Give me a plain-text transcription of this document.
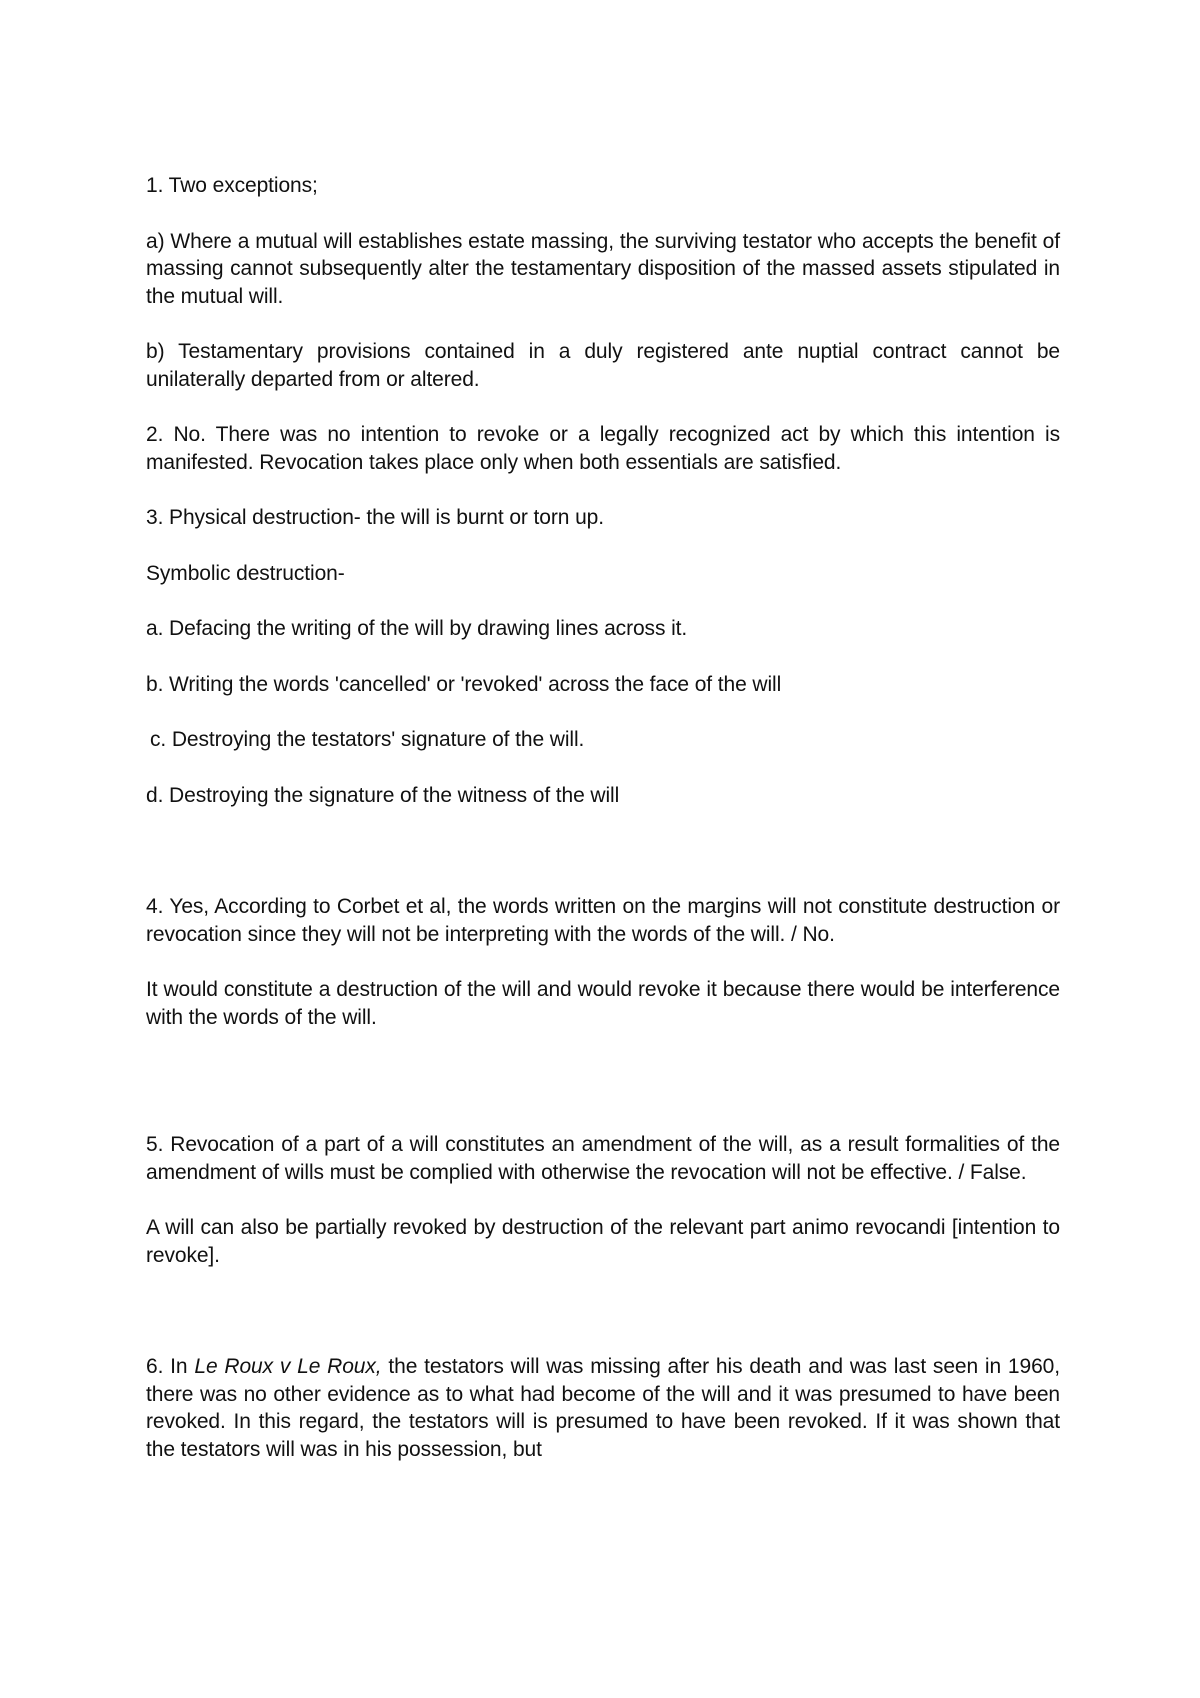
1. Two exceptions;

a) Where a mutual will establishes estate massing, the surviving testator who accepts the benefit of massing cannot subsequently alter the testamentary disposition of the massed assets stipulated in the mutual will.

b) Testamentary provisions contained in a duly registered ante nuptial contract cannot be unilaterally departed from or altered.

2. No. There was no intention to revoke or a legally recognized act by which this intention is manifested. Revocation takes place only when both essentials are satisfied.

3. Physical destruction- the will is burnt or torn up.

Symbolic destruction-

a. Defacing the writing of the will by drawing lines across it.

b. Writing the words 'cancelled' or 'revoked' across the face of the will

c. Destroying the testators' signature of the will.

d. Destroying the signature of the witness of the will

4. Yes, According to Corbet et al, the words written on the margins will not constitute destruction or revocation since they will not be interpreting with the words of the will. / No.

It would constitute a destruction of the will and would revoke it because there would be interference with the words of the will.

5. Revocation of a part of a will constitutes an amendment of the will, as a result formalities of the amendment of wills must be complied with otherwise the revocation will not be effective. / False.

A will can also be partially revoked by destruction of the relevant part animo revocandi [intention to revoke].

6. In Le Roux v Le Roux, the testators will was missing after his death and was last seen in 1960, there was no other evidence as to what had become of the will and it was presumed to have been revoked. In this regard, the testators will is presumed to have been revoked. If it was shown that the testators will was in his possession, but
